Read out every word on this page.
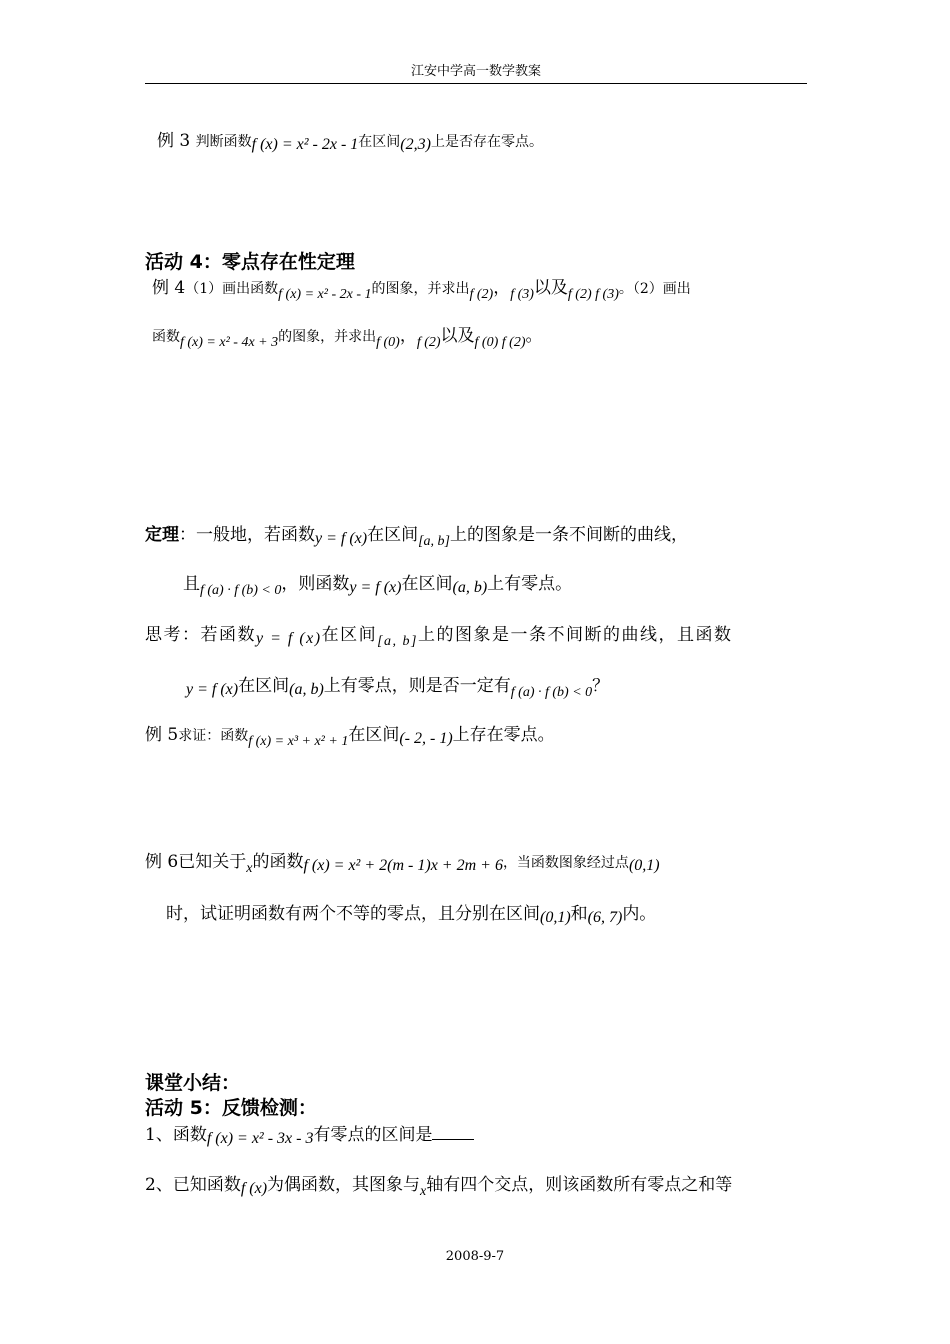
江安中学高一数学教案
例 3 判断函数f (x) = x² - 2x - 1在区间(2,3)上是否存在零点。
活动 4：零点存在性定理
例 4（1）画出函数$_{f (x) = x^2 - 2x - 1}$的图象，并求出$_{f (2)}$，$_{f (3)}$以及$_{f (2) f (3)}$。（2）画出
函数$_{f (x) = x^2 - 4x + 3}$的图象，并求出$_{f (0)}$，$_{f (2)}$以及$_{f (0) f (2)}$。
定理：一般地，若函数y = f (x)在区间$_{[a, b]}$上的图象是一条不间断的曲线，
且$_{f (a) \cdot f (b) < 0}$，则函数y = f (x)在区间(a, b)上有零点。
思考：若函数y = f (x)在区间$_{[a, b]}$上的图象是一条不间断的曲线，且函数
y = f (x)在区间(a, b)上有零点，则是否一定有$_{f (a) \cdot f (b) < 0}$？
例 5求证：函数$_{f (x) = x^3 + x^2 + 1}$在区间(- 2, - 1)上存在零点。
例 6已知关于$_x$的函数f (x) = x² + 2(m - 1)x + 2m + 6，当函数图象经过点(0,1)
时，试证明函数有两个不等的零点，且分别在区间(0,1)和(6, 7)内。
课堂小结：
活动 5：反馈检测：
1、函数f (x) = x² - 3x - 3有零点的区间是
2、已知函数f (x)为偶函数，其图象与$_x$轴有四个交点，则该函数所有零点之和等
2008-9-7
